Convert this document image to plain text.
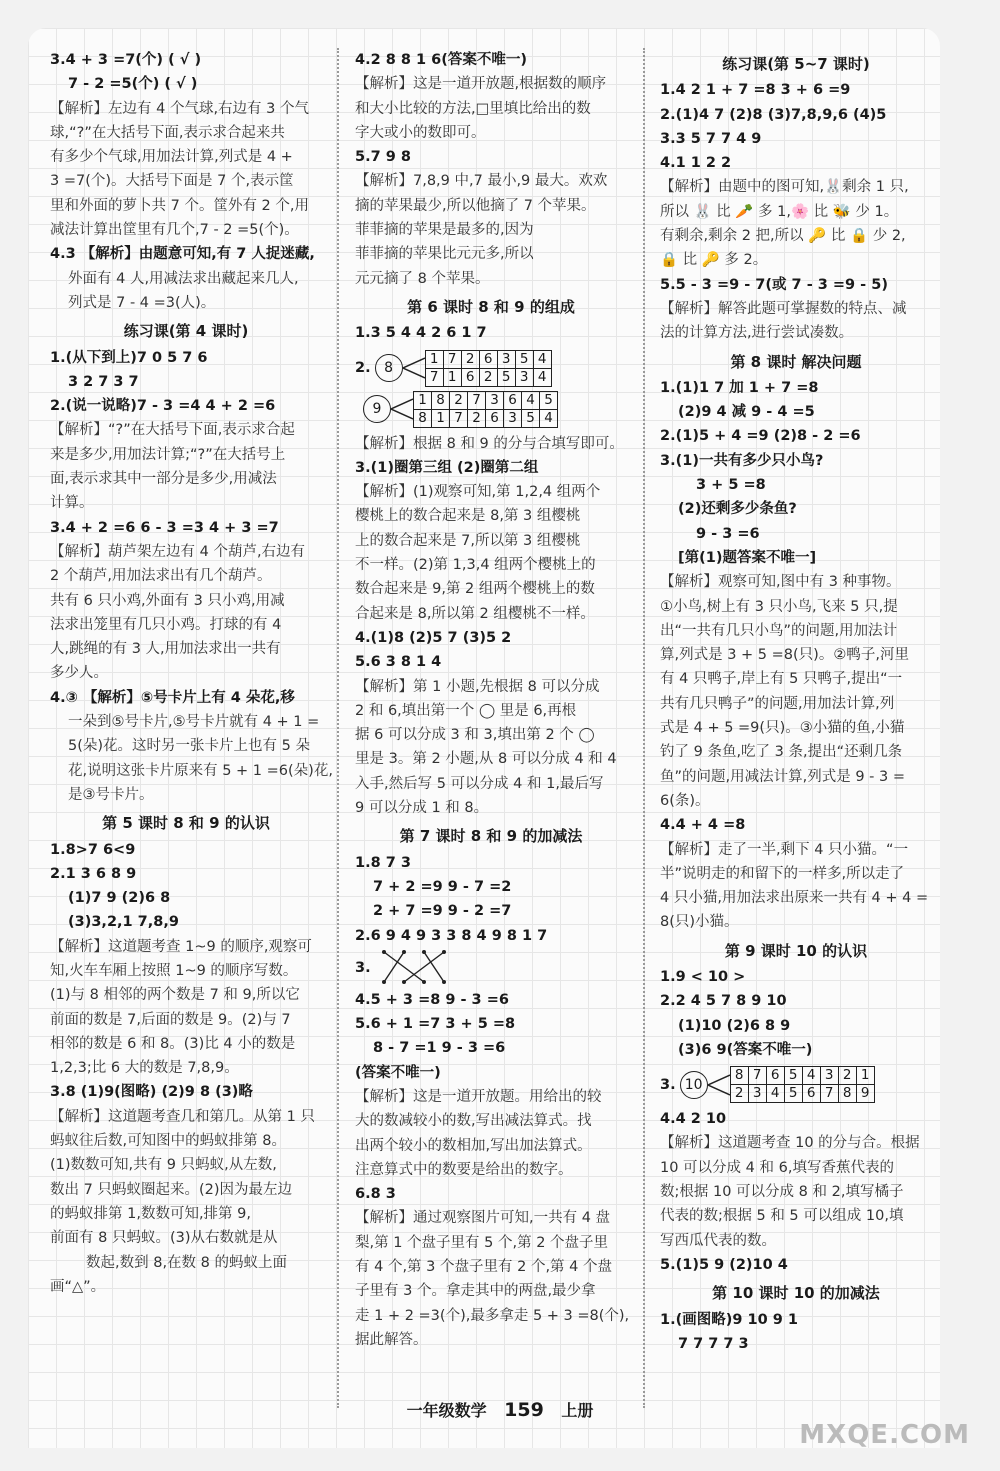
3.4 + 3 =7(个) ( √ )
7 - 2 =5(个) ( √ )
【解析】左边有 4 个气球,右边有 3 个气
球,“?”在大括号下面,表示求合起来共
有多少个气球,用加法计算,列式是 4 +
3 =7(个)。大括号下面是 7 个,表示筐
里和外面的萝卜共 7 个。筐外有 2 个,用
减法计算出筐里有几个,7 - 2 =5(个)。
4.3 【解析】由题意可知,有 7 人捉迷藏,
外面有 4 人,用减法求出藏起来几人,
列式是 7 - 4 =3(人)。
练习课(第 4 课时)
1.(从下到上)7 0 5 7 6
3 2 7 3 7
2.(说一说略)7 - 3 =4 4 + 2 =6
【解析】“?”在大括号下面,表示求合起
来是多少,用加法计算;“?”在大括号上
面,表示求其中一部分是多少,用减法
计算。
3.4 + 2 =6 6 - 3 =3 4 + 3 =7
【解析】葫芦架左边有 4 个葫芦,右边有
2 个葫芦,用加法求出有几个葫芦。
共有 6 只小鸡,外面有 3 只小鸡,用减
法求出笼里有几只小鸡。打球的有 4
人,跳绳的有 3 人,用加法求出一共有
多少人。
4.③ 【解析】⑤号卡片上有 4 朵花,移
一朵到⑤号卡片,⑤号卡片就有 4 + 1 =
5(朵)花。这时另一张卡片上也有 5 朵
花,说明这张卡片原来有 5 + 1 =6(朵)花,
是③号卡片。
第 5 课时 8 和 9 的认识
1.8>7 6<9
2.1 3 6 8 9
(1)7 9 (2)6 8
(3)3,2,1 7,8,9
【解析】这道题考查 1~9 的顺序,观察可
知,火车车厢上按照 1~9 的顺序写数。
(1)与 8 相邻的两个数是 7 和 9,所以它
前面的数是 7,后面的数是 9。(2)与 7
相邻的数是 6 和 8。(3)比 4 小的数是
1,2,3;比 6 大的数是 7,8,9。
3.8 (1)9(图略) (2)9 8 (3)略
【解析】这道题考查几和第几。从第 1 只
蚂蚁往后数,可知图中的蚂蚁排第 8。
(1)数数可知,共有 9 只蚂蚁,从左数,
数出 7 只蚂蚁圈起来。(2)因为最左边
的蚂蚁排第 1,数数可知,排第 9,
前面有 8 只蚂蚁。(3)从右数就是从
数起,数到 8,在数 8 的蚂蚁上面
画“△”。
4.2 8 8 1 6(答案不唯一)
【解析】这是一道开放题,根据数的顺序
和大小比较的方法,□里填比给出的数
字大或小的数即可。
5.7 9 8
【解析】7,8,9 中,7 最小,9 最大。欢欢
摘的苹果最少,所以他摘了 7 个苹果。
菲菲摘的苹果是最多的,因为
菲菲摘的苹果比元元多,所以
元元摘了 8 个苹果。
第 6 课时 8 和 9 的组成
1.3 5 4 4 2 6 1 7
2. 8
1	7	2	6	3	5	4
7	1	6	2	5	3	4
9
1	8	2	7	3	6	4	5
8	1	7	2	6	3	5	4
【解析】根据 8 和 9 的分与合填写即可。
3.(1)圈第三组 (2)圈第二组
【解析】(1)观察可知,第 1,2,4 组两个
樱桃上的数合起来是 8,第 3 组樱桃
上的数合起来是 7,所以第 3 组樱桃
不一样。(2)第 1,3,4 组两个樱桃上的
数合起来是 9,第 2 组两个樱桃上的数
合起来是 8,所以第 2 组樱桃不一样。
4.(1)8 (2)5 7 (3)5 2
5.6 3 8 1 4
【解析】第 1 小题,先根据 8 可以分成
2 和 6,填出第一个 ◯ 里是 6,再根
据 6 可以分成 3 和 3,填出第 2 个 ◯
里是 3。第 2 小题,从 8 可以分成 4 和 4
入手,然后写 5 可以分成 4 和 1,最后写
9 可以分成 1 和 8。
第 7 课时 8 和 9 的加减法
1.8 7 3
7 + 2 =9 9 - 7 =2
2 + 7 =9 9 - 2 =7
2.6 9 4 9 3 3 8 4 9 8 1 7
3.
4.5 + 3 =8 9 - 3 =6
5.6 + 1 =7 3 + 5 =8
8 - 7 =1 9 - 3 =6
(答案不唯一)
【解析】这是一道开放题。用给出的较
大的数减较小的数,写出减法算式。找
出两个较小的数相加,写出加法算式。
注意算式中的数要是给出的数字。
6.8 3
【解析】通过观察图片可知,一共有 4 盘
梨,第 1 个盘子里有 5 个,第 2 个盘子里
有 4 个,第 3 个盘子里有 2 个,第 4 个盘
子里有 3 个。拿走其中的两盘,最少拿
走 1 + 2 =3(个),最多拿走 5 + 3 =8(个),
据此解答。
练习课(第 5~7 课时)
1.4 2 1 + 7 =8 3 + 6 =9
2.(1)4 7 (2)8 (3)7,8,9,6 (4)5
3.3 5 7 7 4 9
4.1 1 2 2
【解析】由题中的图可知,🐰剩余 1 只,
所以 🐰 比 🥕 多 1,🌸 比 🐝 少 1。
有剩余,剩余 2 把,所以 🔑 比 🔒 少 2,
🔒 比 🔑 多 2。
5.5 - 3 =9 - 7(或 7 - 3 =9 - 5)
【解析】解答此题可掌握数的特点、减
法的计算方法,进行尝试凑数。
第 8 课时 解决问题
1.(1)1 7 加 1 + 7 =8
(2)9 4 减 9 - 4 =5
2.(1)5 + 4 =9 (2)8 - 2 =6
3.(1)一共有多少只小鸟?
3 + 5 =8
(2)还剩多少条鱼?
9 - 3 =6
[第(1)题答案不唯一]
【解析】观察可知,图中有 3 种事物。
①小鸟,树上有 3 只小鸟,飞来 5 只,提
出“一共有几只小鸟”的问题,用加法计
算,列式是 3 + 5 =8(只)。②鸭子,河里
有 4 只鸭子,岸上有 5 只鸭子,提出“一
共有几只鸭子”的问题,用加法计算,列
式是 4 + 5 =9(只)。③小猫的鱼,小猫
钓了 9 条鱼,吃了 3 条,提出“还剩几条
鱼”的问题,用减法计算,列式是 9 - 3 =
6(条)。
4.4 + 4 =8
【解析】走了一半,剩下 4 只小猫。“一
半”说明走的和留下的一样多,所以走了
4 只小猫,用加法求出原来一共有 4 + 4 =
8(只)小猫。
第 9 课时 10 的认识
1.9 < 10 >
2.2 4 5 7 8 9 10
(1)10 (2)6 8 9
(3)6 9(答案不唯一)
3. 10
8	7	6	5	4	3	2	1
2	3	4	5	6	7	8	9
4.4 2 10
【解析】这道题考查 10 的分与合。根据
10 可以分成 4 和 6,填写香蕉代表的
数;根据 10 可以分成 8 和 2,填写橘子
代表的数;根据 5 和 5 可以组成 10,填
写西瓜代表的数。
5.(1)5 9 (2)10 4
第 10 课时 10 的加减法
1.(画图略)9 10 9 1
7 7 7 7 3
一年级数学 159 上册
MXQE.COM
